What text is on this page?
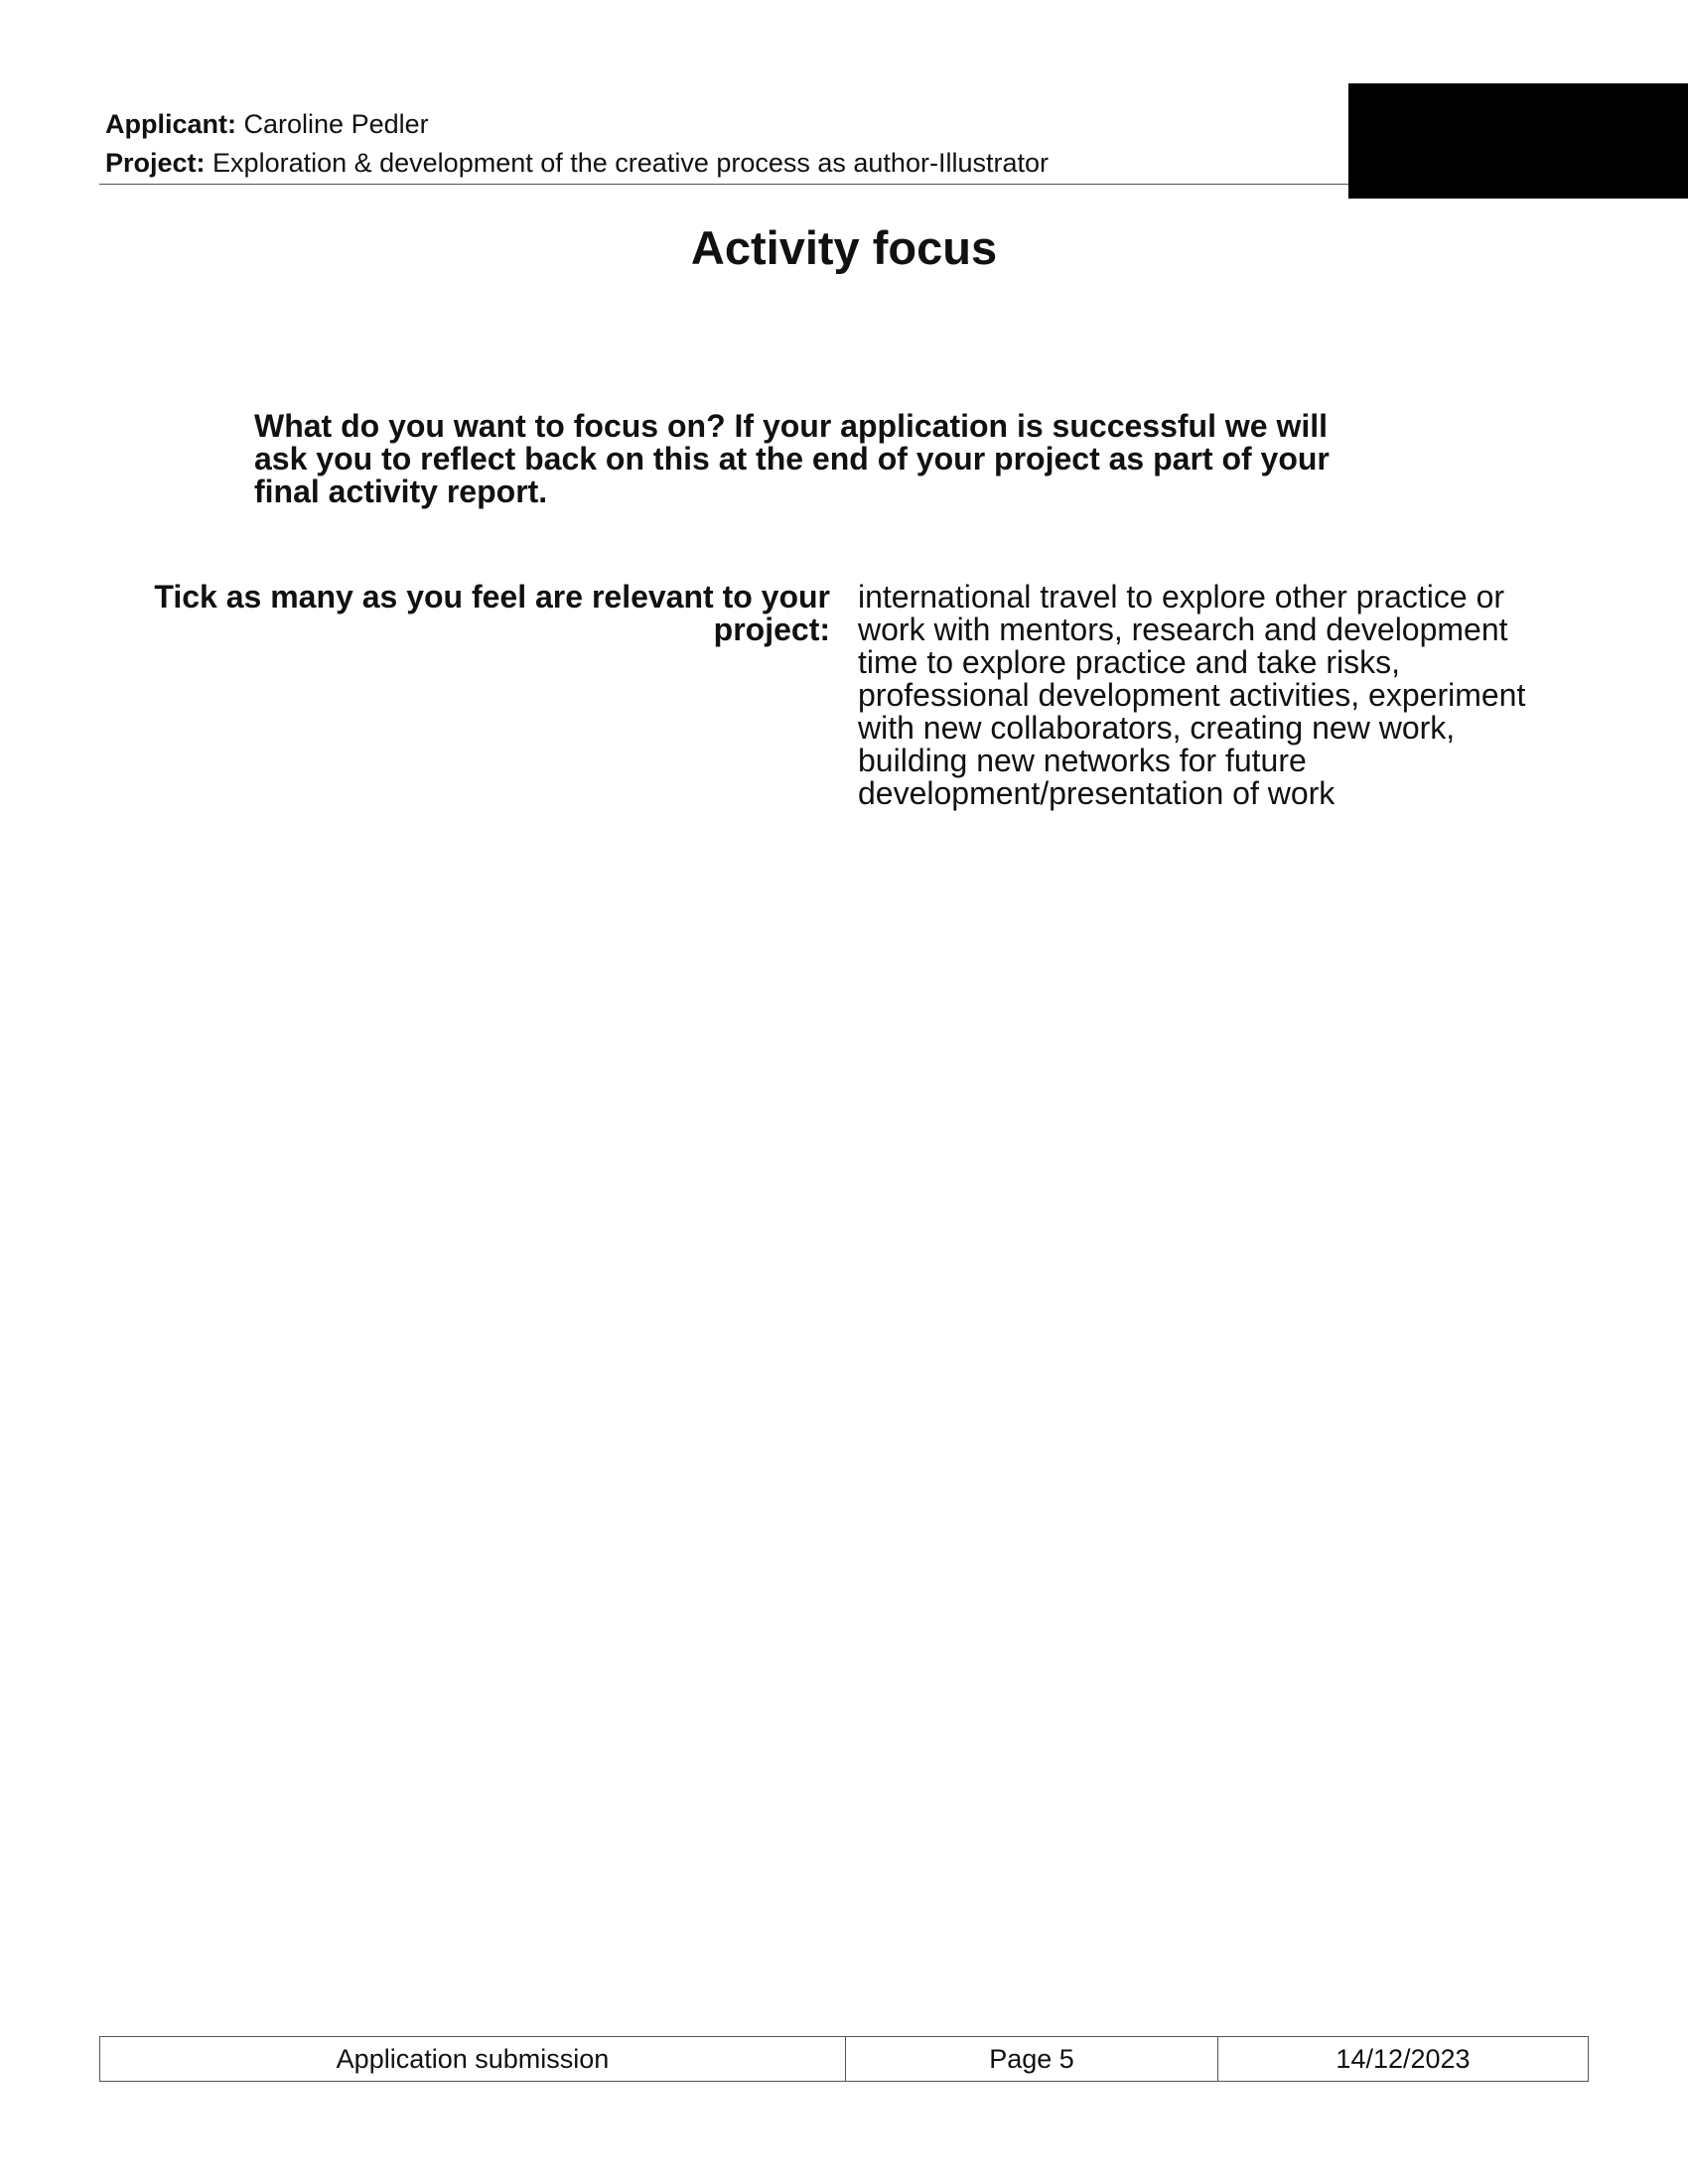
Applicant: Caroline Pedler
Project: Exploration & development of the creative process as author-Illustrator
Activity focus
What do you want to focus on? If your application is successful we will
ask you to reflect back on this at the end of your project as part of your
final activity report.
Tick as many as you feel are relevant to your
project:
international travel to explore other practice or
work with mentors, research and development
time to explore practice and take risks,
professional development activities, experiment
with new collaborators, creating new work,
building new networks for future
development/presentation of work
Application submission	Page 5	14/12/2023
